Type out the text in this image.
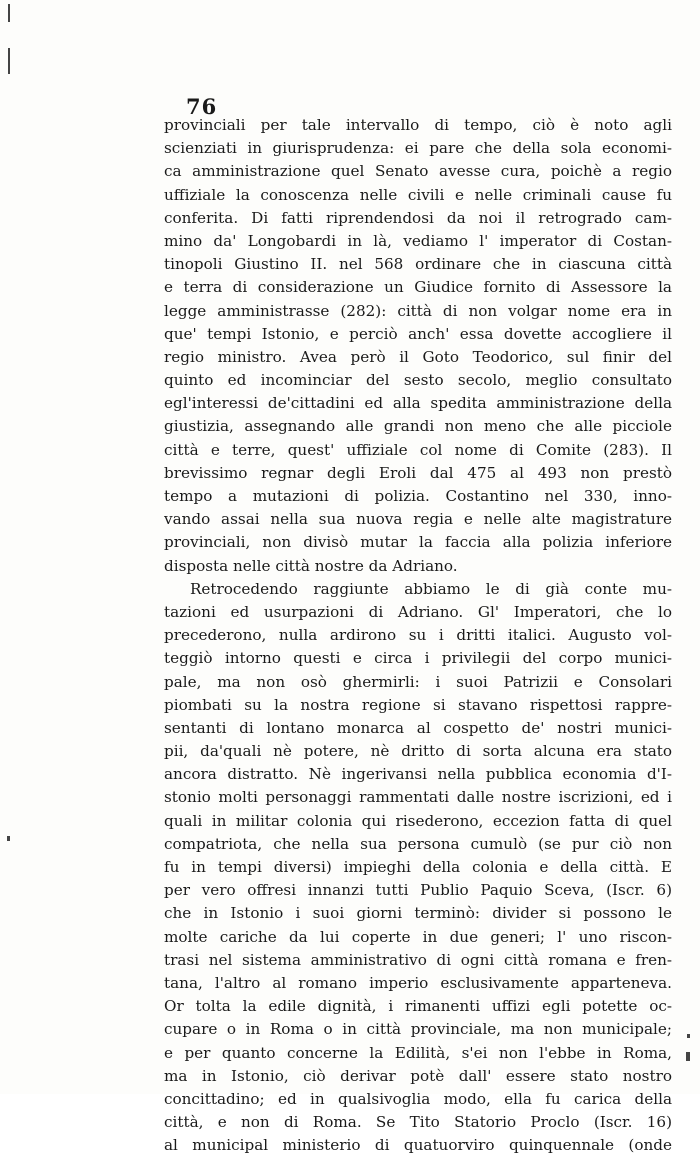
76
provinciali per tale intervallo di tempo, ciò è noto agli
scienziati in giurisprudenza: ei pare che della sola economi-
ca amministrazione quel Senato avesse cura, poichè a regio
uffiziale la conoscenza nelle civili e nelle criminali cause fu
conferita. Di fatti riprendendosi da noi il retrogrado cam-
mino da' Longobardi in là, vediamo l' imperator di Costan-
tinopoli Giustino II. nel 568 ordinare che in ciascuna città
e terra di considerazione un Giudice fornito di Assessore la
legge amministrasse (282): città di non volgar nome era in
que' tempi Istonio, e perciò anch' essa dovette accogliere il
regio ministro. Avea però il Goto Teodorico, sul finir del
quinto ed incominciar del sesto secolo, meglio consultato
egl'interessi de'cittadini ed alla spedita amministrazione della
giustizia, assegnando alle grandi non meno che alle picciole
città e terre, quest' uffiziale col nome di Comite (283). Il
brevissimo regnar degli Eroli dal 475 al 493 non prestò
tempo a mutazioni di polizia. Costantino nel 330, inno-
vando assai nella sua nuova regia e nelle alte magistrature
provinciali, non divisò mutar la faccia alla polizia inferiore
disposta nelle città nostre da Adriano.
Retrocedendo raggiunte abbiamo le di già conte mu-
tazioni ed usurpazioni di Adriano. Gl' Imperatori, che lo
precederono, nulla ardirono su i dritti italici. Augusto vol-
teggiò intorno questi e circa i privilegii del corpo munici-
pale, ma non osò ghermirli: i suoi Patrizii e Consolari
piombati su la nostra regione si stavano rispettosi rappre-
sentanti di lontano monarca al cospetto de' nostri munici-
pii, da'quali nè potere, nè dritto di sorta alcuna era stato
ancora distratto. Nè ingerivansi nella pubblica economia d'I-
stonio molti personaggi rammentati dalle nostre iscrizioni, ed i
quali in militar colonia qui risederono, eccezion fatta di quel
compatriota, che nella sua persona cumulò (se pur ciò non
fu in tempi diversi) impieghi della colonia e della città. E
per vero offresi innanzi tutti Publio Paquio Sceva, (Iscr. 6)
che in Istonio i suoi giorni terminò: divider si possono le
molte cariche da lui coperte in due generi; l' uno riscon-
trasi nel sistema amministrativo di ogni città romana e fren-
tana, l'altro al romano imperio esclusivamente apparteneva.
Or tolta la edile dignità, i rimanenti uffizi egli potette oc-
cupare o in Roma o in città provinciale, ma non municipale;
e per quanto concerne la Edilità, s'ei non l'ebbe in Roma,
ma in Istonio, ciò derivar potè dall' essere stato nostro
concittadino; ed in qualsivoglia modo, ella fu carica della
città, e non di Roma. Se Tito Statorio Proclo (Iscr. 16)
al municipal ministerio di quatuorviro quinquennale (onde
